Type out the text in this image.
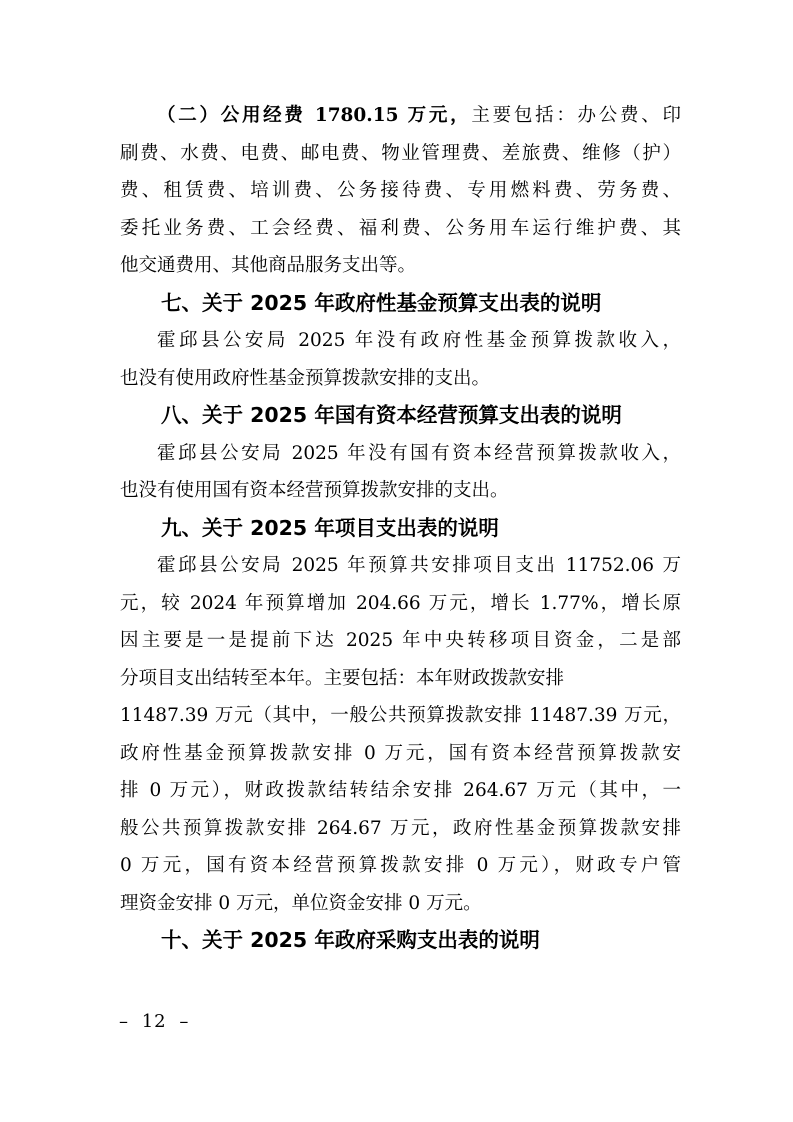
（二）公用经费 1780.15 万元，主要包括：办公费、印
刷费、水费、电费、邮电费、物业管理费、差旅费、维修（护）
费、租赁费、培训费、公务接待费、专用燃料费、劳务费、
委托业务费、工会经费、福利费、公务用车运行维护费、其
他交通费用、其他商品服务支出等。
七、关于 2025 年政府性基金预算支出表的说明
霍邱县公安局 2025 年没有政府性基金预算拨款收入，
也没有使用政府性基金预算拨款安排的支出。
八、关于 2025 年国有资本经营预算支出表的说明
霍邱县公安局 2025 年没有国有资本经营预算拨款收入，
也没有使用国有资本经营预算拨款安排的支出。
九、关于 2025 年项目支出表的说明
霍邱县公安局 2025 年预算共安排项目支出 11752.06 万
元，较 2024 年预算增加 204.66 万元，增长 1.77%，增长原
因主要是一是提前下达 2025 年中央转移项目资金，二是部
分项目支出结转至本年。主要包括：本年财政拨款安排
11487.39 万元（其中，一般公共预算拨款安排 11487.39 万元，
政府性基金预算拨款安排 0 万元，国有资本经营预算拨款安
排 0 万元），财政拨款结转结余安排 264.67 万元（其中，一
般公共预算拨款安排 264.67 万元，政府性基金预算拨款安排
0 万元，国有资本经营预算拨款安排 0 万元），财政专户管
理资金安排 0 万元，单位资金安排 0 万元。
十、关于 2025 年政府采购支出表的说明
– 12 –
